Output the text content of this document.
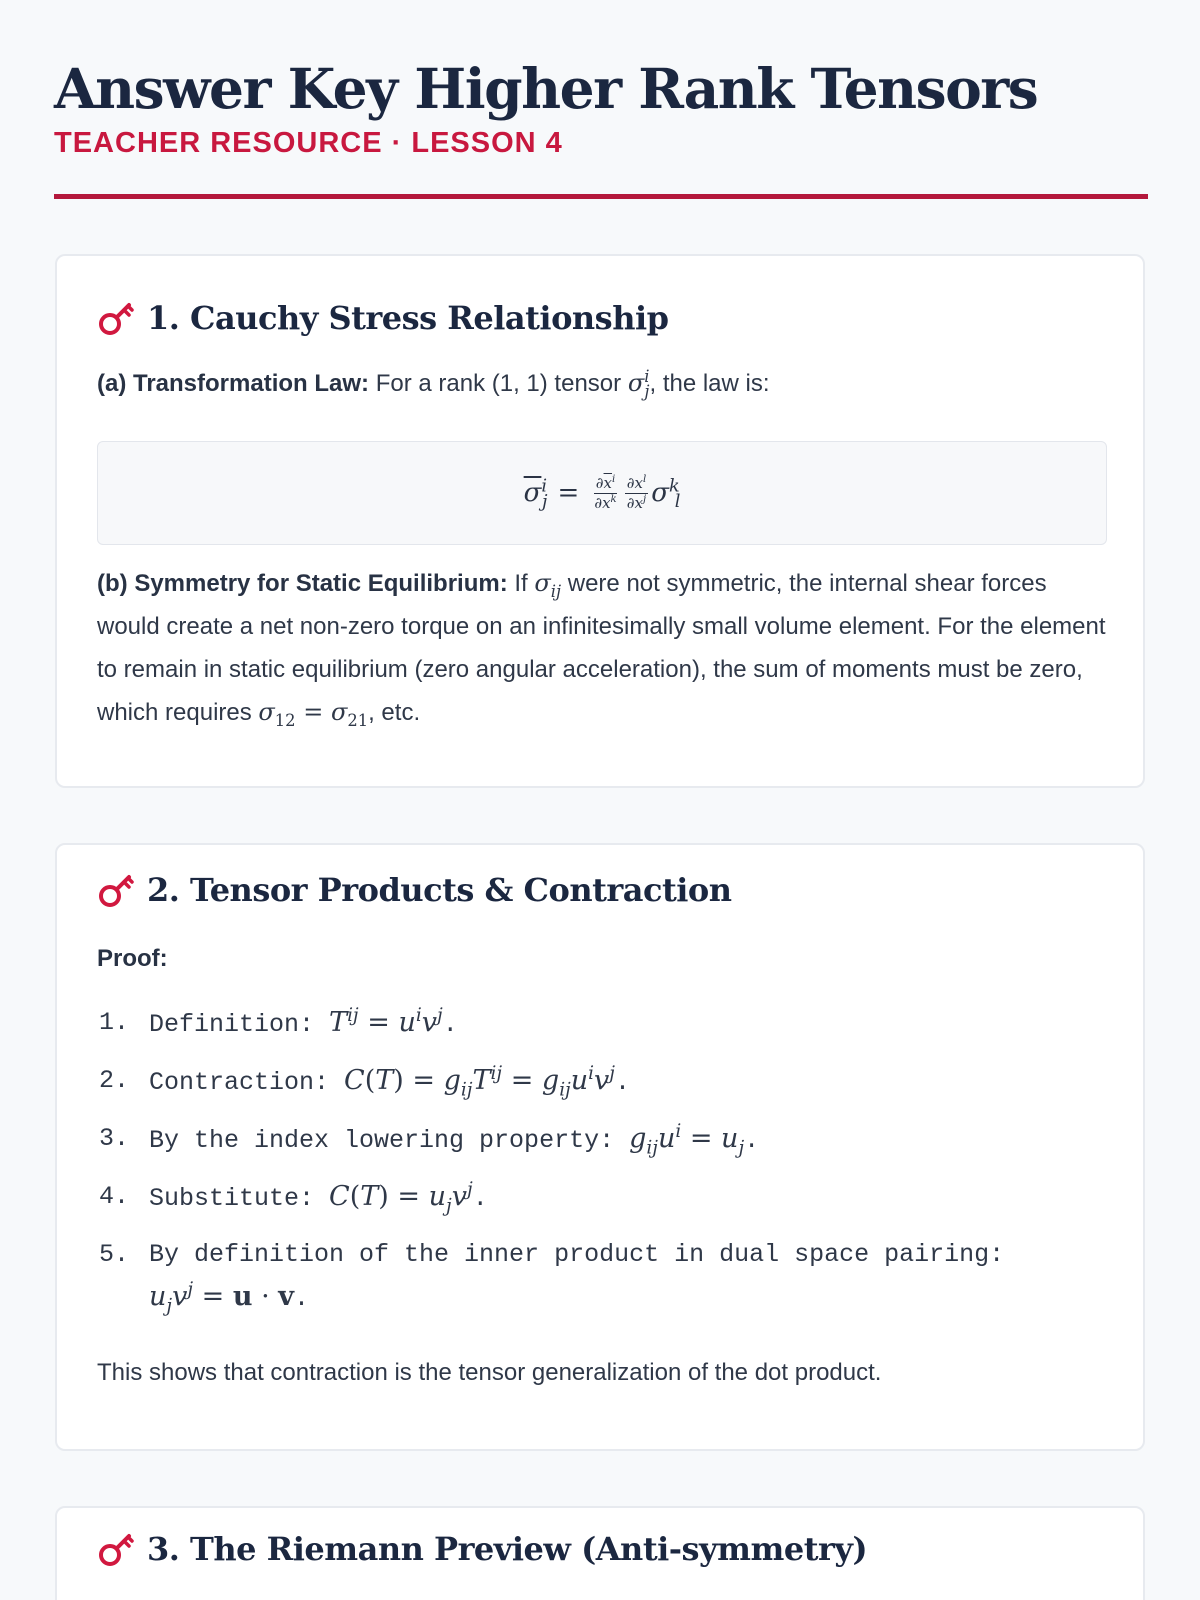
Answer Key Higher Rank Tensors
TEACHER RESOURCE · LESSON 4
1. Cauchy Stress Relationship
(a) Transformation Law: For a rank (1, 1) tensor $\sigma^i_j$, the law is:
$\overline{\sigma}^i_j = \frac{\partial\overline{x}^i}{\partial x^k} \frac{\partial x^l}{\partial\overline{x}^j} \sigma^k_l$
(b) Symmetry for Static Equilibrium: If $\sigma_{ij}$ were not symmetric, the internal shear forces would create a net non-zero torque on an infinitesimally small volume element. For the element to remain in static equilibrium (zero angular acceleration), the sum of moments must be zero, which requires $\sigma_{12} = \sigma_{21}$, etc.
2. Tensor Products & Contraction
Proof:
1. Definition: $T^{ij} = u^iv^j$.
2. Contraction: $C(T) = g_{ij}T^{ij} = g_{ij}u^iv^j$.
3. By the index lowering property: $g_{ij}u^i = u_j$.
4. Substitute: $C(T) = u_jv^j$.
5. By definition of the inner product in dual space pairing:
$u_jv^j = u \cdot v$.
This shows that contraction is the tensor generalization of the dot product.
3. The Riemann Preview (Anti-symmetry)
